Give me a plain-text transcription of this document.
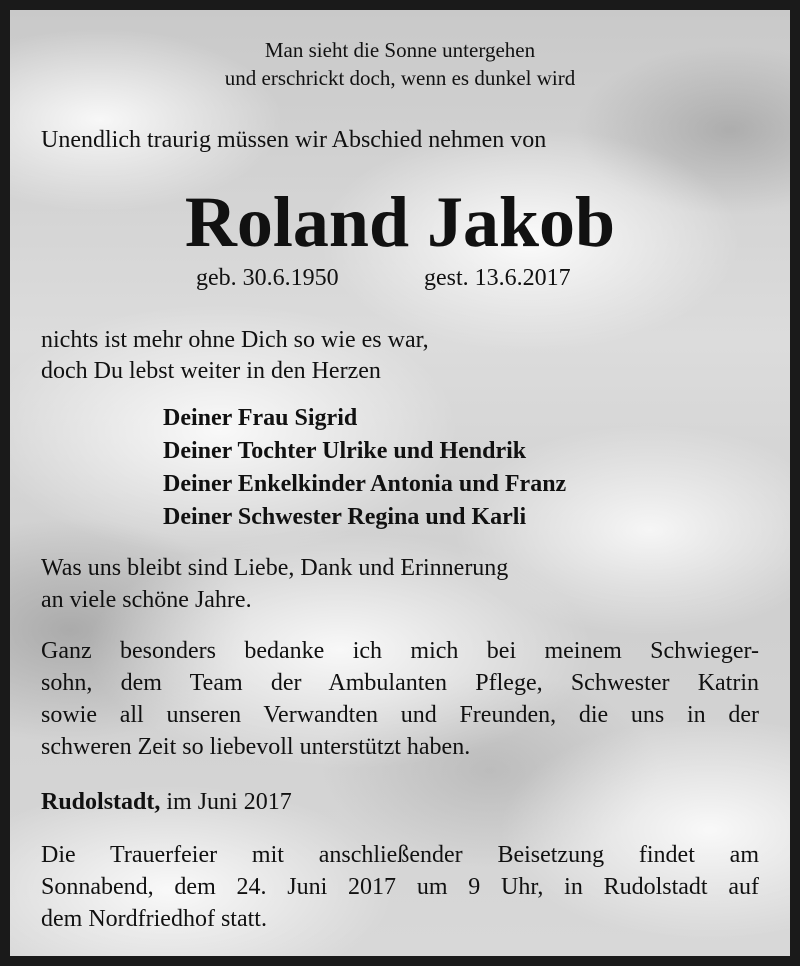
Man sieht die Sonne untergehen
und erschrickt doch, wenn es dunkel wird
Unendlich traurig müssen wir Abschied nehmen von
Roland Jakob
geb. 30.6.1950	gest. 13.6.2017
nichts ist mehr ohne Dich so wie es war,
doch Du lebst weiter in den Herzen
Deiner Frau Sigrid
Deiner Tochter Ulrike und Hendrik
Deiner Enkelkinder Antonia und Franz
Deiner Schwester Regina und Karli
Was uns bleibt sind Liebe, Dank und Erinnerung
an viele schöne Jahre.
Ganz besonders bedanke ich mich bei meinem Schwieger-
sohn, dem Team der Ambulanten Pflege, Schwester Katrin
sowie all unseren Verwandten und Freunden, die uns in der
schweren Zeit so liebevoll unterstützt haben.
Rudolstadt, im Juni 2017
Die Trauerfeier mit anschließender Beisetzung findet am
Sonnabend, dem 24. Juni 2017 um 9 Uhr, in Rudolstadt auf
dem Nordfriedhof statt.
